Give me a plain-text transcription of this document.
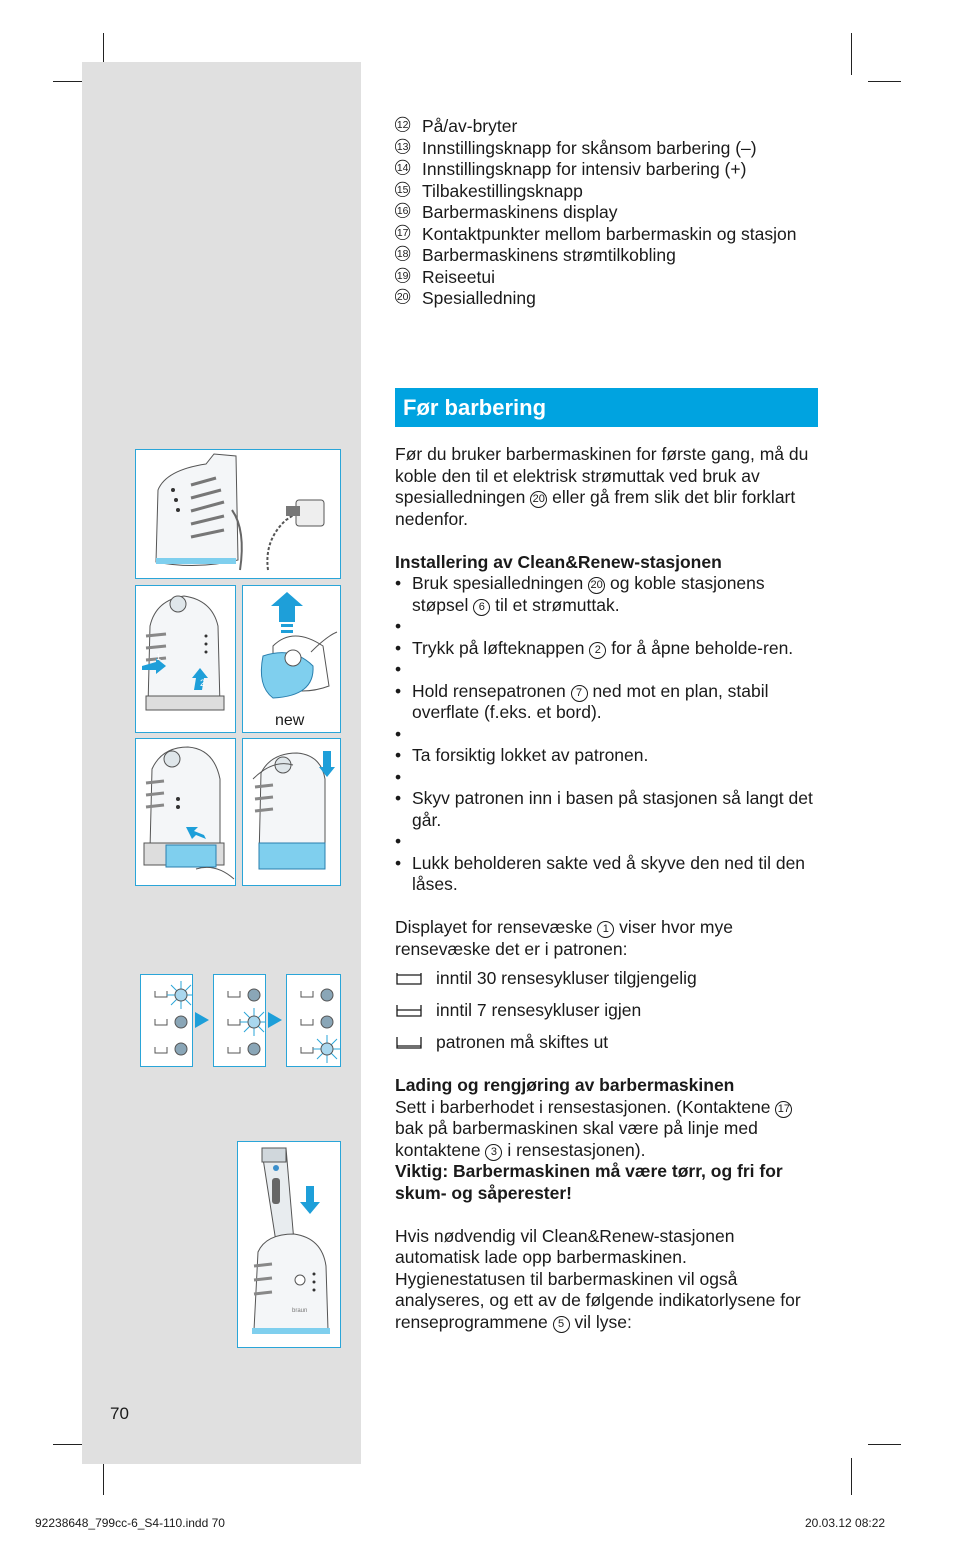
1
2
new
braun
12 På/av-bryter
13 Innstillingsknapp for skånsom barbering (–)
14 Innstillingsknapp for intensiv barbering (+)
15 Tilbakestillingsknapp
16 Barbermaskinens display
17 Kontaktpunkter mellom barbermaskin og stasjon
18 Barbermaskinens strømtilkobling
19 Reiseetui
20 Spesialledning
Før barbering

Før du bruker barbermaskinen for første gang, må du koble den til et elektrisk strømuttak ved bruk av spesialledningen 20 eller gå frem slik det blir forklart nedenfor.

Installering av Clean&Renew-stasjonen

• Bruk spesialledningen 20 og koble stasjonens støpsel 6 til et strømuttak.
•
• Trykk på løfteknappen 2 for å åpne beholde-ren.
•
• Hold rensepatronen 7 ned mot en plan, stabil overflate (f.eks. et bord).
•
• Ta forsiktig lokket av patronen.
•
• Skyv patronen inn i basen på stasjonen så langt det går.
•
• Lukk beholderen sakte ved å skyve den ned til den låses.

Displayet for rensevæske 1 viser hvor mye rensevæske det er i patronen:

inntil 30 rensesykluser tilgjengelig
inntil 7 rensesykluser igjen
patronen må skiftes ut

Lading og rengjøring av barbermaskinen

Sett i barberhodet i rensestasjonen. (Kontaktene 17 bak på barbermaskinen skal være på linje med kontaktene 3 i rensestasjonen).

Viktig: Barbermaskinen må være tørr, og fri for skum- og såperester!

Hvis nødvendig vil Clean&Renew-stasjonen automatisk lade opp barbermaskinen. Hygienestatusen til barbermaskinen vil også analyseres, og ett av de følgende indikatorlysene for renseprogrammene 5 vil lyse:

70
92238648_799cc-6_S4-110.indd 70	20.03.12 08:22
